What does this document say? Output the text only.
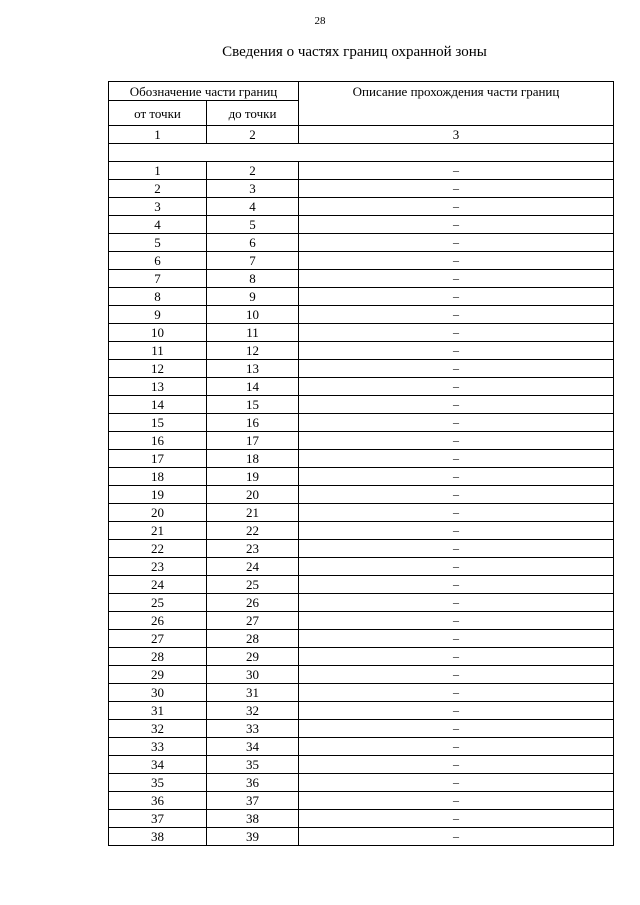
28
Сведения о частях границ охранной зоны
Обозначение части границ		Описание прохождения части границ
от точки	до точки	
1	2	3

1	2	–
2	3	–
3	4	–
4	5	–
5	6	–
6	7	–
7	8	–
8	9	–
9	10	–
10	11	–
11	12	–
12	13	–
13	14	–
14	15	–
15	16	–
16	17	–
17	18	–
18	19	–
19	20	–
20	21	–
21	22	–
22	23	–
23	24	–
24	25	–
25	26	–
26	27	–
27	28	–
28	29	–
29	30	–
30	31	–
31	32	–
32	33	–
33	34	–
34	35	–
35	36	–
36	37	–
37	38	–
38	39	–
